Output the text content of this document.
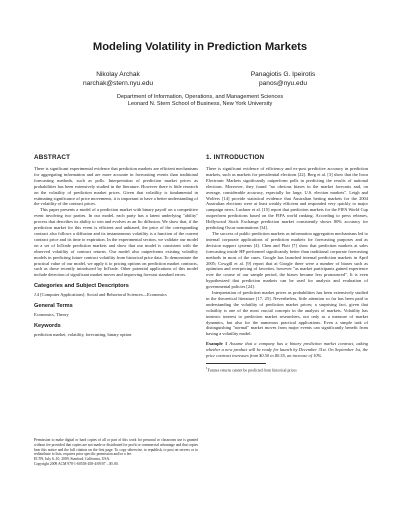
Modeling Volatility in Prediction Markets
Nikolay Archak
narchak@stern.nyu.edu
Panagiotis G. Ipeirotis
panos@nyu.edu
Department of Information, Operations, and Management Sciences
Leonard N. Stern School of Business, New York University
ABSTRACT

There is significant experimental evidence that prediction markets are efficient mechanisms for aggregating information and are more accurate in forecasting events than traditional forecasting methods, such as polls. Interpretation of prediction market prices as probabilities has been extensively studied in the literature. However there is little research on the volatility of prediction market prices. Given that volatility is fundamental in estimating significance of price movements, it is important to have a better understanding of the volatility of the contract prices.

This paper presents a model of a prediction market with binary payoff on a competitive event involving two parties. In our model, each party has a latent underlying "ability" process that describes its ability to win and evolves as an Ito diffusion. We show that, if the prediction market for this event is efficient and unbiased, the price of the corresponding contract also follows a diffusion and its instantaneous volatility is a function of the current contract price and its time to expiration. In the experimental section, we validate our model on a set of InTrade prediction markets and show that our model is consistent with the observed volatility of contract returns. Our model also outperforms existing volatility models in predicting future contract volatility from historical price data. To demonstrate the practical value of our model, we apply it to pricing options on prediction market contracts, such as those recently introduced by InTrade. Other potential applications of this model include detection of significant market moves and improving forecast standard errors.

Categories and Subject Descriptors

J.4 [Computer Applications]: Social and Behavioral Sciences—Economics

General Terms

Economics, Theory

Keywords

prediction market, volatility, forecasting, binary option

Permission to make digital or hard copies of all or part of this work for personal or classroom use is granted without fee provided that copies are not made or distributed for profit or commercial advantage and that copies bear this notice and the full citation on the first page. To copy otherwise, to republish, to post on servers or to redistribute to lists, requires prior specific permission and/or a fee.
EC'09, July 6–10, 2009, Stanford, California, USA.
Copyright 2009 ACM 978-1-60558-458-4/09/07 ...$5.00.
1. INTRODUCTION

There is significant evidence of efficiency and ex-post predictive accuracy in prediction markets, such as markets for presidential elections [22]. Berg et al. [3] show that the Iowa Electronic Markets significantly outperform polls in predicting the results of national elections. Moreover, they found "no obvious biases in the market forecasts and, on average, considerable accuracy, especially for large, U.S. election markets". Leigh and Wolfers [14] provide statistical evidence that Australian betting markets for the 2004 Australian elections were at least weakly efficient and responded very quickly to major campaign news. Luckner et al. [15] report that prediction markets for the FIFA World Cup outperform predictions based on the FIFA world ranking. According to press releases, Hollywood Stock Exchange prediction market consistently shows 80% accuracy for predicting Oscar nominations [34].

The success of public prediction markets as information aggregation mechanisms led to internal corporate applications of prediction markets for forecasting purposes and as decision support systems [4]. Chen and Plott [7] show that prediction markets at sales forecasting inside HP performed significantly better than traditional corporate forecasting methods in most of the cases. Google has launched internal prediction markets in April 2005; Cowgill et al. [9] report that at Google there were a number of biases such as optimism and overpricing of favorites, however "as market participants gained experience over the course of our sample period, the biases became less pronounced". It is even hypothesized that prediction markets can be used for analysis and evaluation of governmental policies [24].

Interpretation of prediction market prices as probabilities has been extensively studied in the theoretical literature [17, 25]. Nevertheless, little attention so far has been paid to understanding the volatility of prediction market prices; a surprising fact, given that volatility is one of the most crucial concepts in the analysis of markets. Volatility has intrinsic interest to prediction market researchers, not only as a measure of market dynamics, but also for the numerous practical applications. Even a simple task of distinguishing "normal" market moves from major events can significantly benefit from having a volatility model.

Example 1 Assume that a company has a binary prediction market contract, asking whether a new product will be ready for launch by December 31st. On September 1st, the price contract increases from $0.50 to $0.55, an increase of 10%.
$^1$Futures returns cannot be predicted from historical prices
